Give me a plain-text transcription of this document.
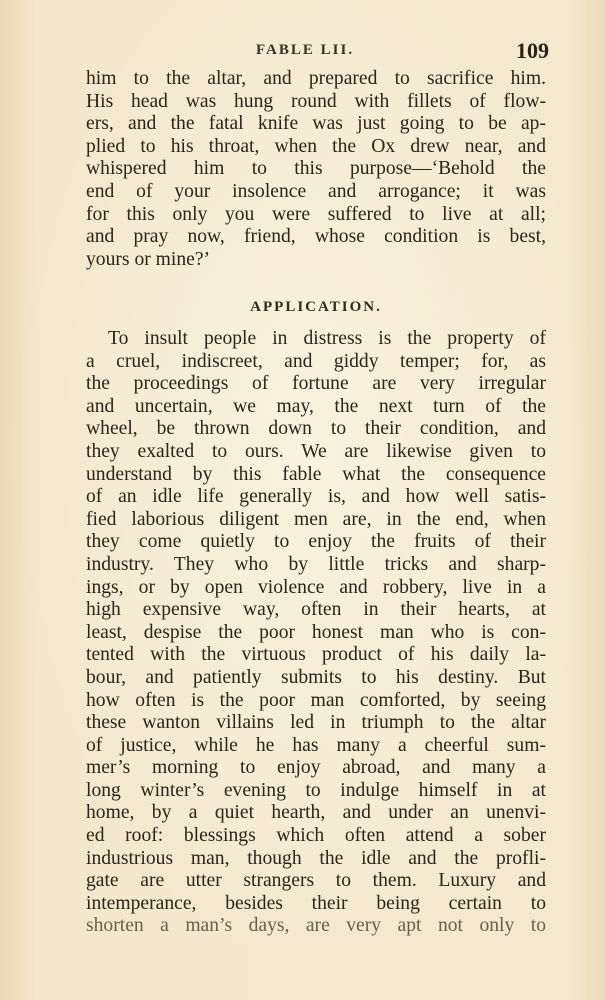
FABLE LII.	109
him to the altar, and prepared to sacrifice him.
His head was hung round with fillets of flow-
ers, and the fatal knife was just going to be ap-
plied to his throat, when the Ox drew near, and
whispered him to this purpose—‘Behold the
end of your insolence and arrogance; it was
for this only you were suffered to live at all;
and pray now, friend, whose condition is best,
yours or mine?’
APPLICATION.
To insult people in distress is the property of
a cruel, indiscreet, and giddy temper; for, as
the proceedings of fortune are very irregular
and uncertain, we may, the next turn of the
wheel, be thrown down to their condition, and
they exalted to ours. We are likewise given to
understand by this fable what the consequence
of an idle life generally is, and how well satis-
fied laborious diligent men are, in the end, when
they come quietly to enjoy the fruits of their
industry. They who by little tricks and sharp-
ings, or by open violence and robbery, live in a
high expensive way, often in their hearts, at
least, despise the poor honest man who is con-
tented with the virtuous product of his daily la-
bour, and patiently submits to his destiny. But
how often is the poor man comforted, by seeing
these wanton villains led in triumph to the altar
of justice, while he has many a cheerful sum-
mer’s morning to enjoy abroad, and many a
long winter’s evening to indulge himself in at
home, by a quiet hearth, and under an unenvi-
ed roof: blessings which often attend a sober
industrious man, though the idle and the profli-
gate are utter strangers to them. Luxury and
intemperance, besides their being certain to
shorten a man’s days, are very apt not only to
